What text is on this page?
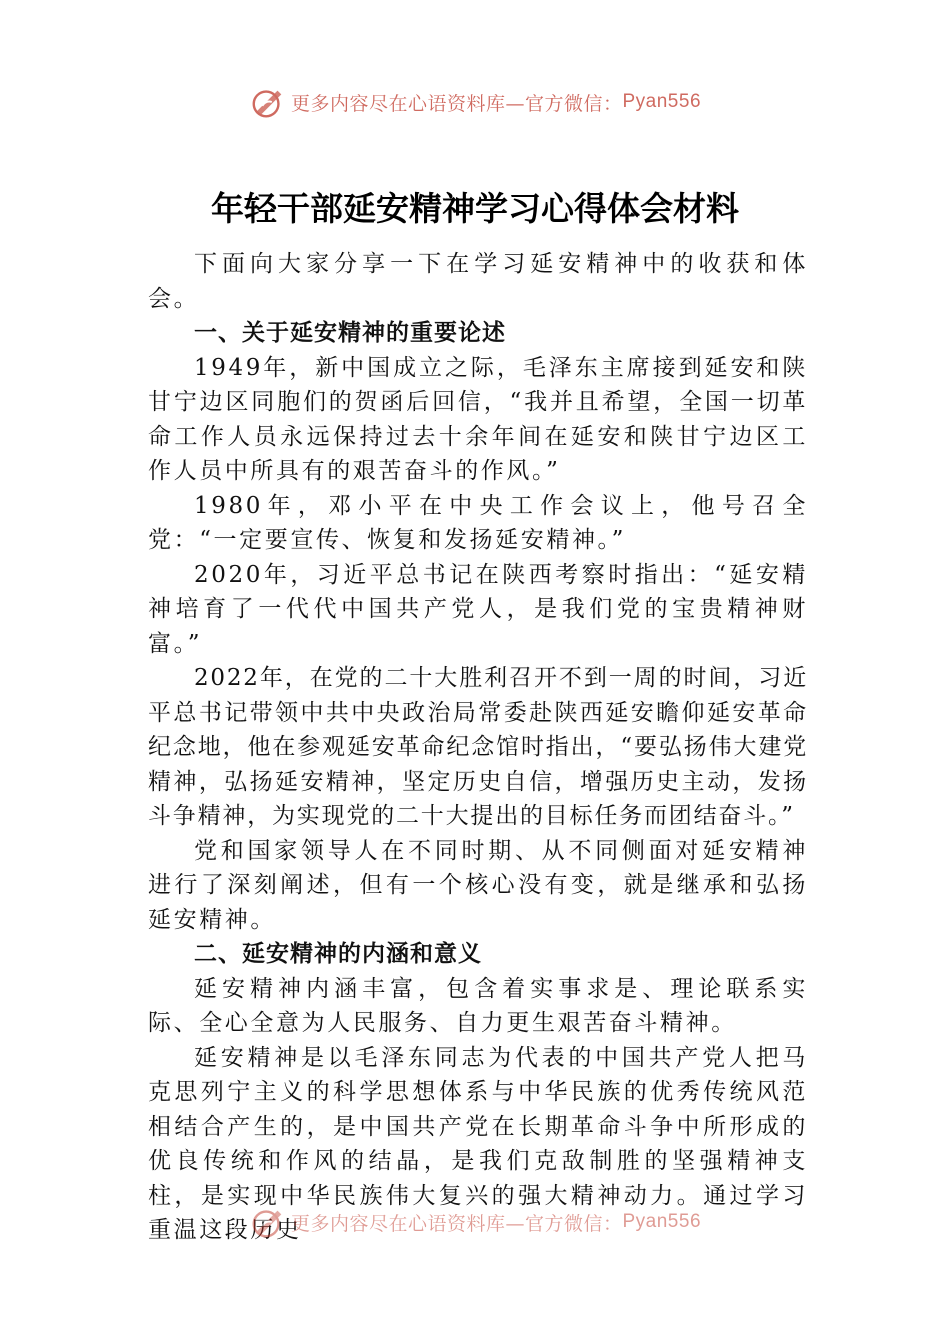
更多内容尽在心语资料库—官方微信： Pyan556
年轻干部延安精神学习心得体会材料

下面向大家分享一下在学习延安精神中的收获和体会。

一、关于延安精神的重要论述

1949年，新中国成立之际，毛泽东主席接到延安和陕甘宁边区同胞们的贺函后回信，“我并且希望，全国一切革命工作人员永远保持过去十余年间在延安和陕甘宁边区工作人员中所具有的艰苦奋斗的作风。”

1980年，邓小平在中央工作会议上，他号召全党：“一定要宣传、恢复和发扬延安精神。”

2020年，习近平总书记在陕西考察时指出：“延安精神培育了一代代中国共产党人，是我们党的宝贵精神财富。”

2022年，在党的二十大胜利召开不到一周的时间，习近平总书记带领中共中央政治局常委赴陕西延安瞻仰延安革命纪念地，他在参观延安革命纪念馆时指出，“要弘扬伟大建党精神，弘扬延安精神，坚定历史自信，增强历史主动，发扬斗争精神，为实现党的二十大提出的目标任务而团结奋斗。”

党和国家领导人在不同时期、从不同侧面对延安精神进行了深刻阐述，但有一个核心没有变，就是继承和弘扬延安精神。

二、延安精神的内涵和意义

延安精神内涵丰富，包含着实事求是、理论联系实际、全心全意为人民服务、自力更生艰苦奋斗精神。

延安精神是以毛泽东同志为代表的中国共产党人把马克思列宁主义的科学思想体系与中华民族的优秀传统风范相结合产生的，是中国共产党在长期革命斗争中所形成的优良传统和作风的结晶，是我们克敌制胜的坚强精神支柱，是实现中华民族伟大复兴的强大精神动力。通过学习重温这段历史

更多内容尽在心语资料库—官方微信： Pyan556
